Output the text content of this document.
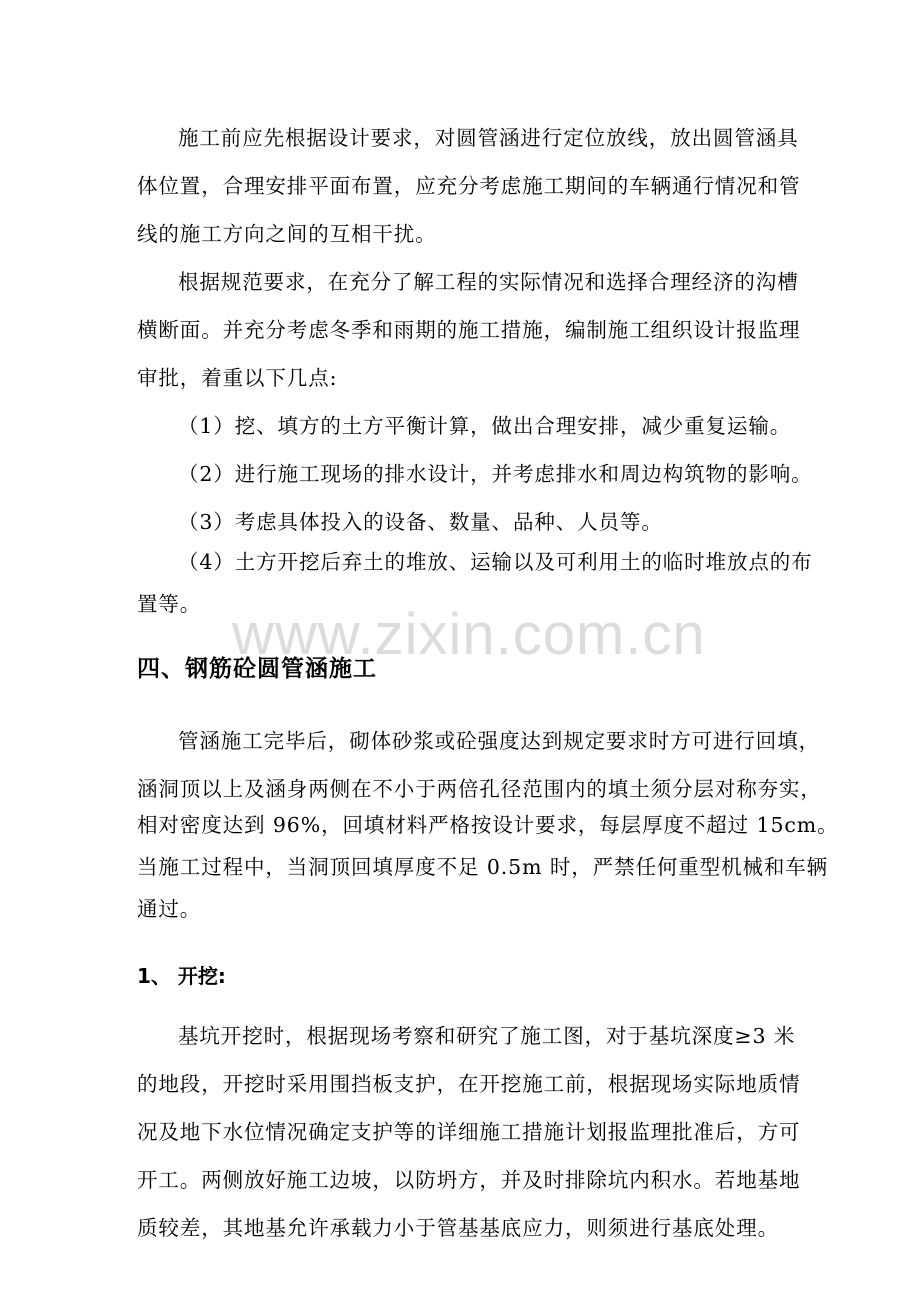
施工前应先根据设计要求，对圆管涵进行定位放线，放出圆管涵具
体位置，合理安排平面布置，应充分考虑施工期间的车辆通行情况和管
线的施工方向之间的互相干扰。
根据规范要求，在充分了解工程的实际情况和选择合理经济的沟槽
横断面。并充分考虑冬季和雨期的施工措施，编制施工组织设计报监理
审批，着重以下几点:
（1）挖、填方的土方平衡计算，做出合理安排，减少重复运输。
（2）进行施工现场的排水设计，并考虑排水和周边构筑物的影响。
（3）考虑具体投入的设备、数量、品种、人员等。
（4）土方开挖后弃土的堆放、运输以及可利用土的临时堆放点的布
置等。 www.zixin.com.cn
四、钢筋砼圆管涵施工
管涵施工完毕后，砌体砂浆或砼强度达到规定要求时方可进行回填，
涵洞顶以上及涵身两侧在不小于两倍孔径范围内的填土须分层对称夯实，
相对密度达到 96%，回填材料严格按设计要求，每层厚度不超过 15cm。
当施工过程中，当洞顶回填厚度不足 0.5m 时，严禁任何重型机械和车辆
通过。
1、 开挖:
基坑开挖时，根据现场考察和研究了施工图，对于基坑深度≥3 米
的地段，开挖时采用围挡板支护，在开挖施工前，根据现场实际地质情
况及地下水位情况确定支护等的详细施工措施计划报监理批准后，方可
开工。两侧放好施工边坡，以防坍方，并及时排除坑内积水。若地基地
质较差，其地基允许承载力小于管基基底应力，则须进行基底处理。
